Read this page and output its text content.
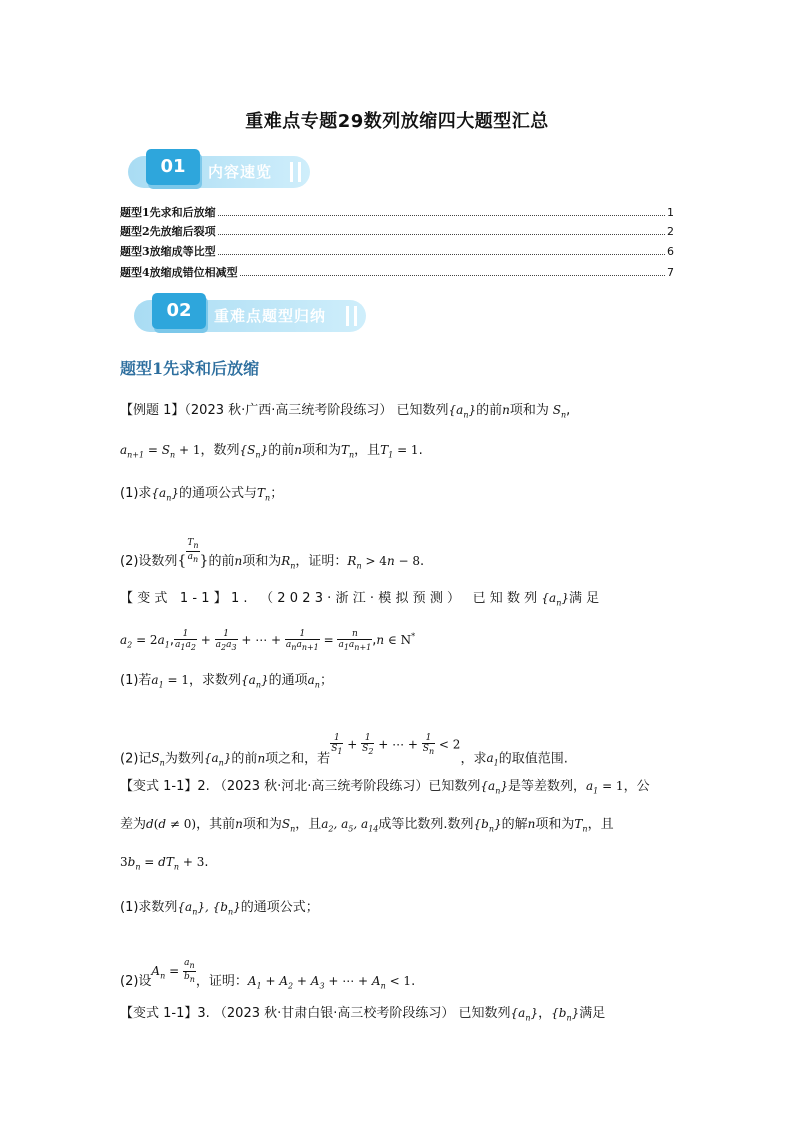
重难点专题29数列放缩四大题型汇总
01	内容速览
题型1先求和后放缩	1
题型2先放缩后裂项	2
题型3放缩成等比型	6
题型4放缩成错位相减型	7
02	重难点题型归纳
题型1先求和后放缩
【例题 1】（2023 秋·广西·高三统考阶段练习） 已知数列$\{a_n\}$的前n项和为 $S_n$,
$a_{n+1} = S_n + 1$，数列$\{S_n\}$的前n项和为$T_n$，且$T_1 = 1$.
(1)求$\{a_n\}$的通项公式与$T_n$；
(2)设数列{ $\frac{T_n}{a_n}$ }的前n项和为$R_n$，证明：$R_n > 4n - 8$.
【变式 1-1】1. （2023·浙江·模拟预测） 已知数列$\{a_n\}$满足
$a_2 = 2a_1$, $\frac{1}{a_1a_2} + \frac{1}{a_2a_3}$ + ⋯ + $\frac{1}{a_na_{n+1}} = \frac{n}{a_1a_{n+1}} ,n$ ∈ N*
(1)若$a_1 = 1$，求数列$\{a_n\}$的通项$a_n$；
(2)记$S_n$为数列$\{a_n\}$的前n项之和，若
$\frac{1}{S_1} + \frac{1}{S_2}$ + ⋯ + $\frac{1}{S_n} < 2$，求$a_1$的取值范围.
【变式 1-1】2. （2023 秋·河北·高三统考阶段练习）已知数列$\{a_n\}$是等差数列，$a_1 = 1$，公
差为d(d ≠ 0)，其前n项和为$S_n$，且$a_2$, $a_5$, $a_{14}$成等比数列.数列$\{b_n\}$的解n项和为$T_n$，且
$3b_n = dT_n + 3$.
(1)求数列$\{a_n\}$, $\{b_n\}$的通项公式；
(2)设$A_n = \frac{a_n}{b_n}$ ，证明：$A_1 + A_2 + A_3$ + ⋯ + $A_n < 1$.
【变式 1-1】3. （2023 秋·甘肃白银·高三校考阶段练习） 已知数列$\{a_n\}$，$\{b_n\}$满足
